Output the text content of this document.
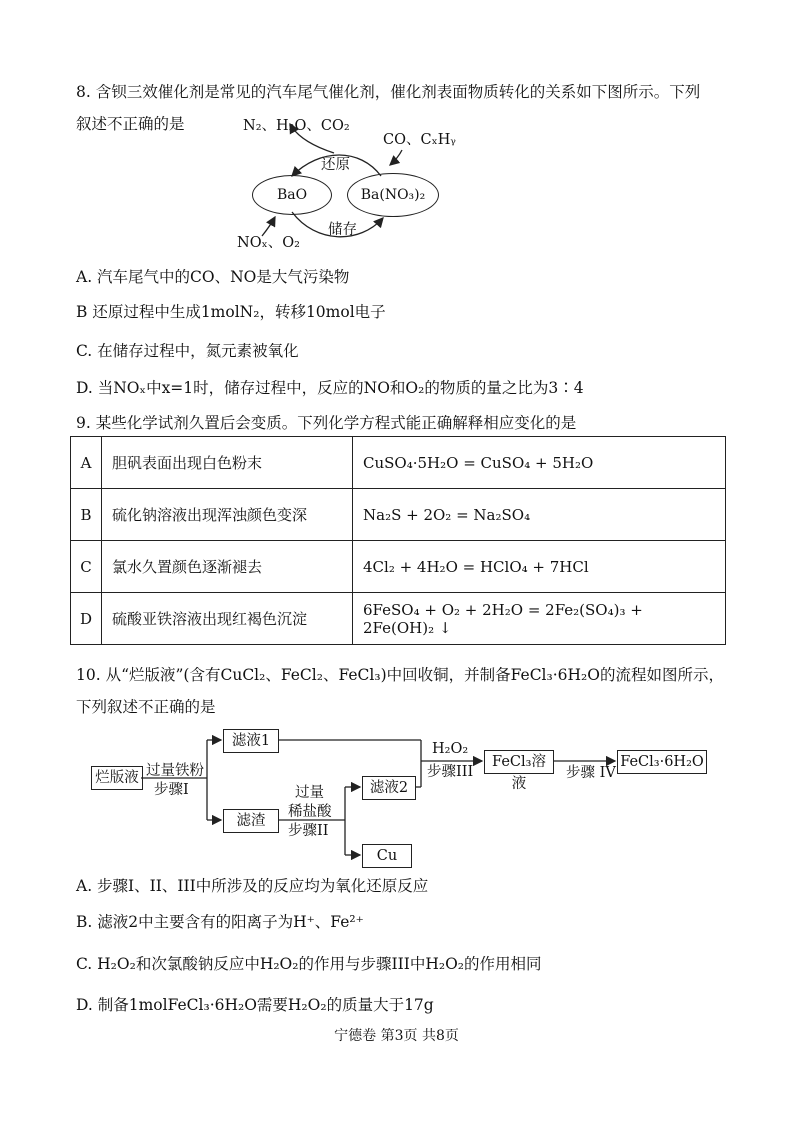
8. 含钡三效催化剂是常见的汽车尾气催化剂，催化剂表面物质转化的关系如下图所示。下列
叙述不正确的是	N₂、H₂O、CO₂
CO、CₓHᵧ
还原
BaO	Ba(NO₃)₂
储存
NOₓ、O₂
A. 汽车尾气中的CO、NO是大气污染物
B 还原过程中生成1molN₂，转移10mol电子
C. 在储存过程中，氮元素被氧化
D. 当NOₓ中x=1时，储存过程中，反应的NO和O₂的物质的量之比为3∶4
9. 某些化学试剂久置后会变质。下列化学方程式能正确解释相应变化的是
A	胆矾表面出现白色粉末	CuSO₄·5H₂O = CuSO₄ + 5H₂O
B	硫化钠溶液出现浑浊颜色变深	Na₂S + 2O₂ = Na₂SO₄
C	氯水久置颜色逐渐褪去	4Cl₂ + 4H₂O = HClO₄ + 7HCl
D	硫酸亚铁溶液出现红褐色沉淀	6FeSO₄ + O₂ + 2H₂O = 2Fe₂(SO₄)₃ + 2Fe(OH)₂ ↓
10. 从“烂版液”(含有CuCl₂、FeCl₂、FeCl₃)中回收铜，并制备FeCl₃·6H₂O的流程如图所示，
下列叙述不正确的是
烂版液 过量铁粉
步骤I
滤液1
滤渣
过量
稀盐酸
步骤II
滤液2
Cu
H₂O₂
步骤III
FeCl₃溶液
步骤 IV
FeCl₃·6H₂O
A. 步骤I、II、III中所涉及的反应均为氧化还原反应
B. 滤液2中主要含有的阳离子为H⁺、Fe²⁺
C. H₂O₂和次氯酸钠反应中H₂O₂的作用与步骤III中H₂O₂的作用相同
D. 制备1molFeCl₃·6H₂O需要H₂O₂的质量大于17g
宁德卷 第3页 共8页
